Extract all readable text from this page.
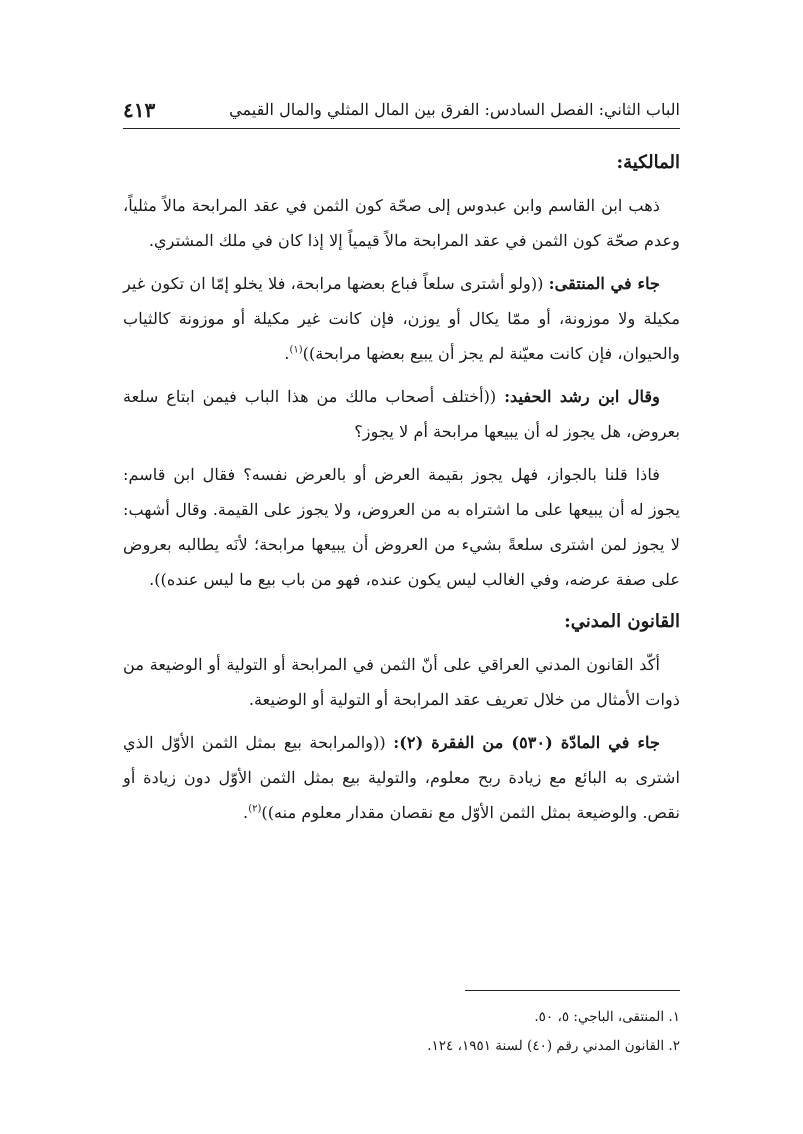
الباب الثاني: الفصل السادس: الفرق بين المال المثلي والمال القيمي
٤١٣
المالكية:

ذهب ابن القاسم وابن عبدوس إلى صحّة كون الثمن في عقد المرابحة مالاً مثلياً، وعدم صحّة كون الثمن في عقد المرابحة مالاً قيمياً إلا إذا كان في ملك المشتري.

جاء في المنتقى: ((ولو أشترى سلعاً فباع بعضها مرابحة، فلا يخلو إمّا ان تكون غير مكيلة ولا موزونة، أو ممّا يكال أو يوزن، فإن كانت غير مكيلة أو موزونة كالثياب والحيوان، فإن كانت معيّنة لم يجز أن يبيع بعضها مرابحة))$^{(١)}$.

وقال ابن رشد الحفيد: ((أختلف أصحاب مالك من هذا الباب فيمن ابتاع سلعة بعروض، هل يجوز له أن يبيعها مرابحة أم لا يجوز؟

فاذا قلنا بالجواز، فهل يجوز بقيمة العرض أو بالعرض نفسه؟ فقال ابن قاسم: يجوز له أن يبيعها على ما اشتراه به من العروض، ولا يجوز على القيمة. وقال أشهب: لا يجوز لمن اشترى سلعةً بشيء من العروض أن يبيعها مرابحة؛ لأنَه يطالبه بعروض على صفة عرضه، وفي الغالب ليس يكون عنده، فهو من باب بيع ما ليس عنده)).

القانون المدني:

أكّد القانون المدني العراقي على أنّ الثمن في المرابحة أو التولية أو الوضيعة من ذوات الأمثال من خلال تعريف عقد المرابحة أو التولية أو الوضيعة.

جاء في المادّة (٥٣٠) من الفقرة (٢): ((والمرابحة بيع بمثل الثمن الأوّل الذي اشترى به البائع مع زيادة ربح معلوم، والتولية بيع بمثل الثمن الأوّل دون زيادة أو نقص. والوضيعة بمثل الثمن الأوّل مع نقصان مقدار معلوم منه))$^{(٢)}$.

١. المنتقى، الباجي: ٥، ٥٠.
٢. القانون المدني رقم (٤٠) لسنة ١٩٥١، ١٢٤.
